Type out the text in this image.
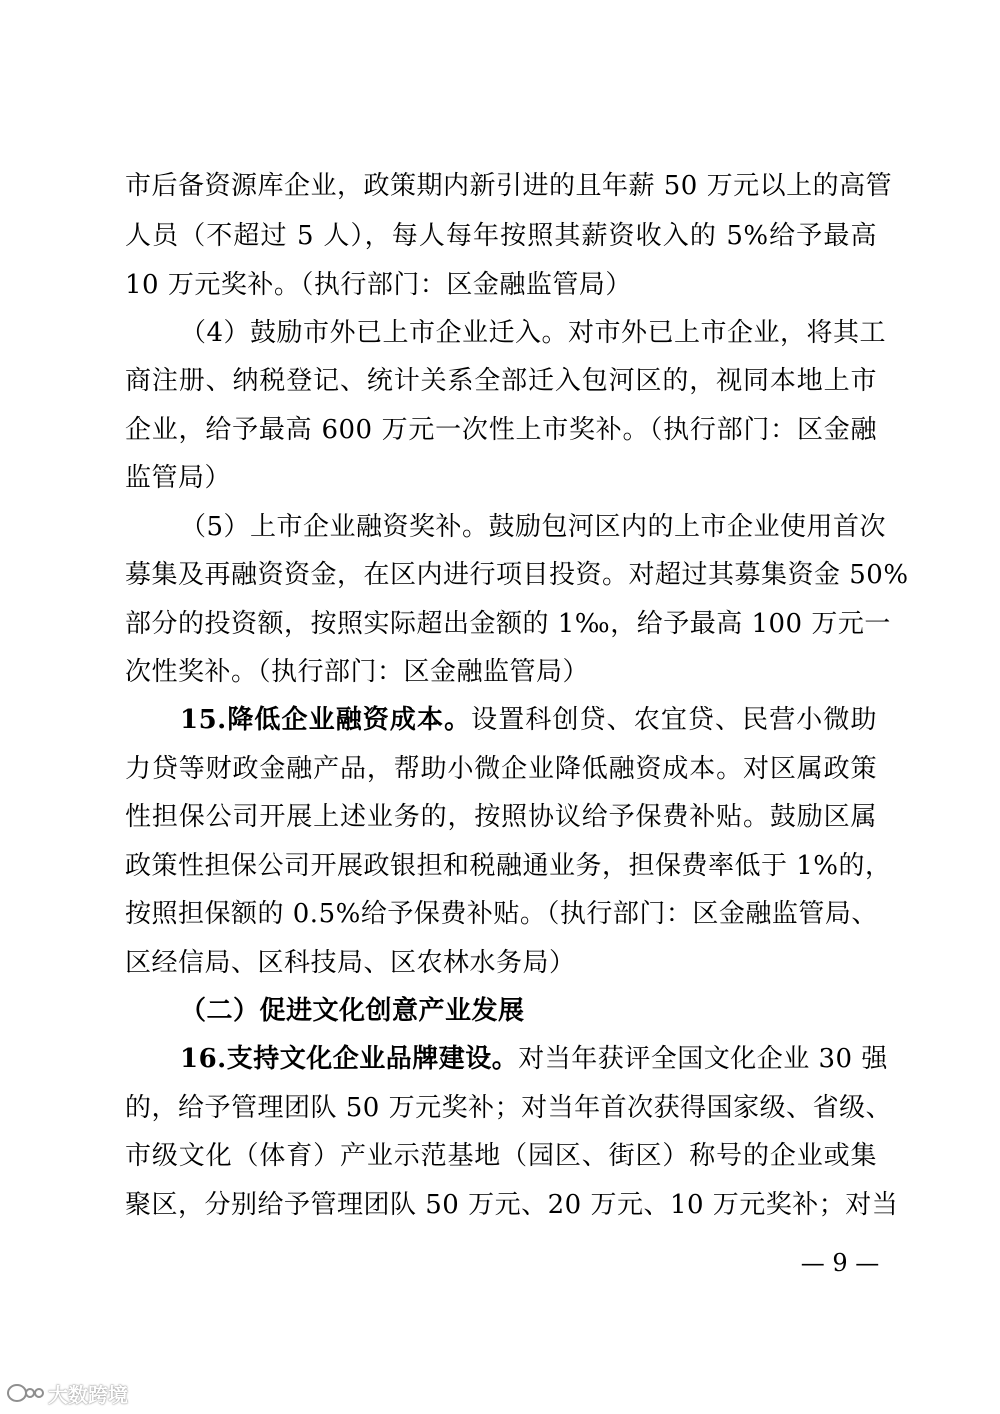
市后备资源库企业，政策期内新引进的且年薪 50 万元以上的高管
人员（不超过 5 人），每人每年按照其薪资收入的 5%给予最高
10 万元奖补。（执行部门：区金融监管局）
（4）鼓励市外已上市企业迁入。对市外已上市企业，将其工
商注册、纳税登记、统计关系全部迁入包河区的，视同本地上市
企业，给予最高 600 万元一次性上市奖补。（执行部门：区金融
监管局）
（5）上市企业融资奖补。鼓励包河区内的上市企业使用首次
募集及再融资资金，在区内进行项目投资。对超过其募集资金 50%
部分的投资额，按照实际超出金额的 1‰，给予最高 100 万元一
次性奖补。（执行部门：区金融监管局）
15.降低企业融资成本。设置科创贷、农宜贷、民营小微助
力贷等财政金融产品，帮助小微企业降低融资成本。对区属政策
性担保公司开展上述业务的，按照协议给予保费补贴。鼓励区属
政策性担保公司开展政银担和税融通业务，担保费率低于 1%的，
按照担保额的 0.5%给予保费补贴。（执行部门：区金融监管局、
区经信局、区科技局、区农林水务局）
（二）促进文化创意产业发展
16.支持文化企业品牌建设。对当年获评全国文化企业 30 强
的，给予管理团队 50 万元奖补；对当年首次获得国家级、省级、
市级文化（体育）产业示范基地（园区、街区）称号的企业或集
聚区，分别给予管理团队 50 万元、20 万元、10 万元奖补；对当
— 9 —
大数跨境
